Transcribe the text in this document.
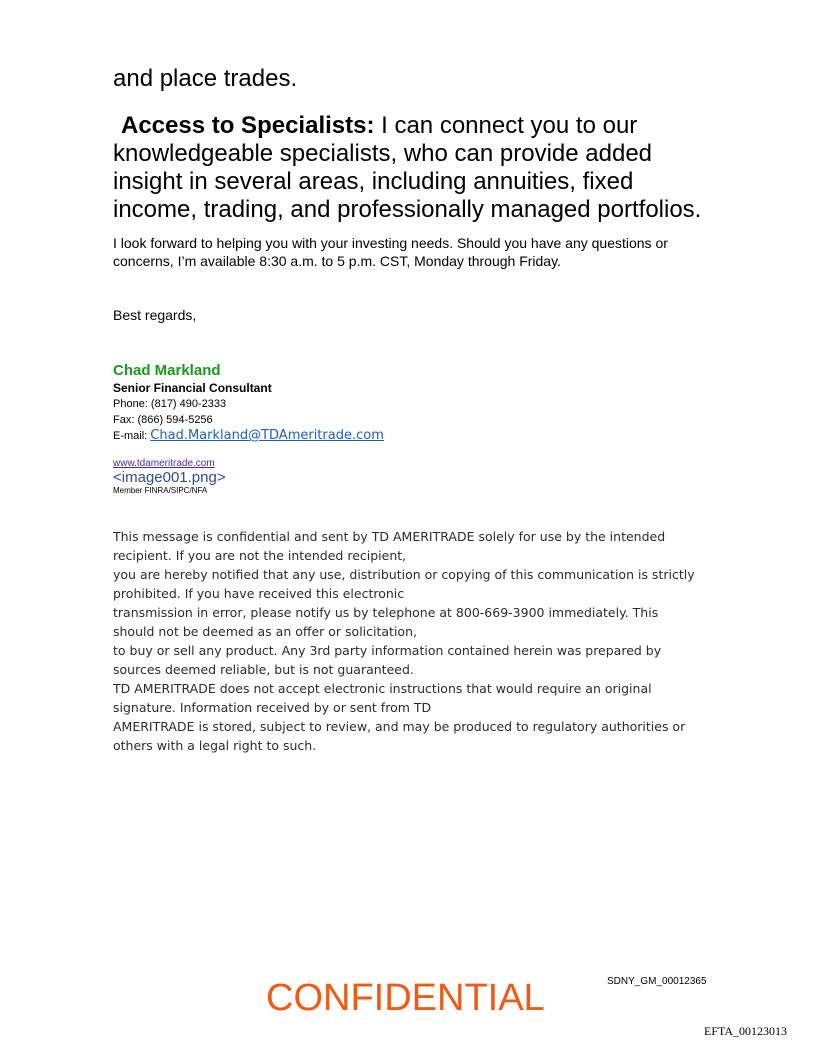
and place trades.
Access to Specialists: I can connect you to our knowledgeable specialists, who can provide added insight in several areas, including annuities, fixed income, trading, and professionally managed portfolios.
I look forward to helping you with your investing needs. Should you have any questions or concerns, I’m available 8:30 a.m. to 5 p.m. CST, Monday through Friday.
Best regards,
Chad Markland
Senior Financial Consultant
Phone: (817) 490-2333
Fax: (866) 594-5256
E-mail: Chad.Markland@TDAmeritrade.com
www.tdameritrade.com
<image001.png>
Member FINRA/SIPC/NFA
This message is confidential and sent by TD AMERITRADE solely for use by the intended recipient. If you are not the intended recipient,
you are hereby notified that any use, distribution or copying of this communication is strictly prohibited. If you have received this electronic
transmission in error, please notify us by telephone at 800-669-3900 immediately. This should not be deemed as an offer or solicitation,
to buy or sell any product. Any 3rd party information contained herein was prepared by sources deemed reliable, but is not guaranteed.
TD AMERITRADE does not accept electronic instructions that would require an original signature. Information received by or sent from TD
AMERITRADE is stored, subject to review, and may be produced to regulatory authorities or others with a legal right to such.
CONFIDENTIAL	SDNY_GM_00012365
EFTA_00123013
